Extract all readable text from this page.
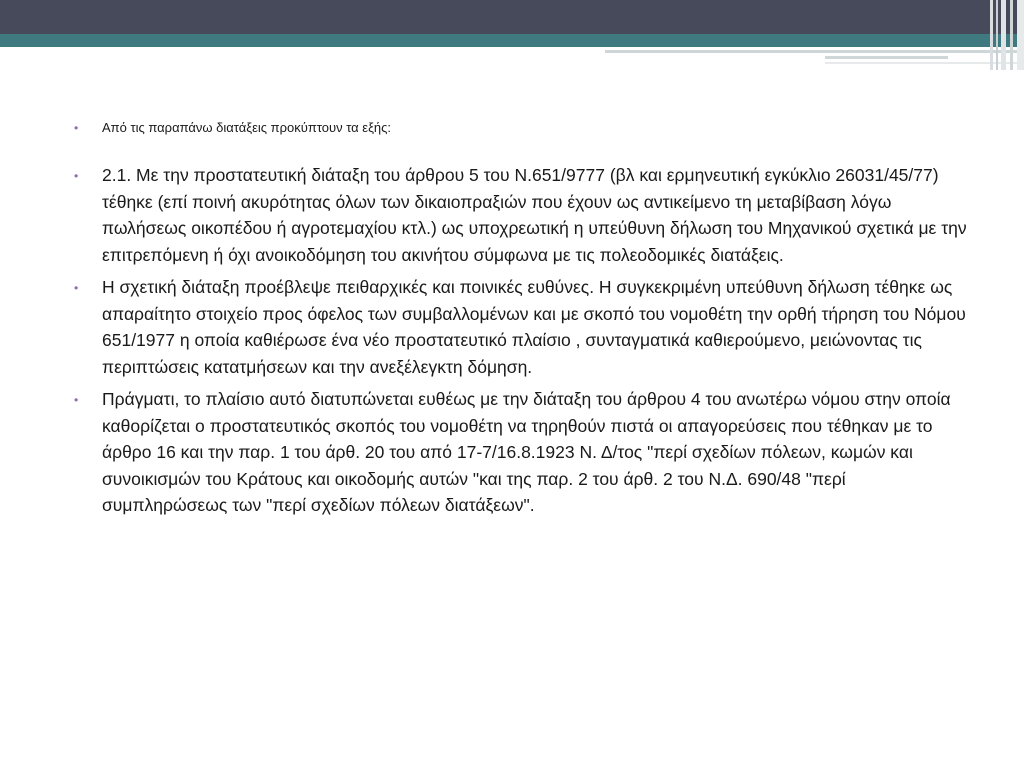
• Από τις παραπάνω διατάξεις προκύπτουν τα εξής:
• 2.1. Με την προστατευτική διάταξη του άρθρου 5 του Ν.651/9777 (βλ και ερμηνευτική εγκύκλιο 26031/45/77) τέθηκε (επί ποινή ακυρότητας όλων των δικαιοπραξιών που έχουν ως αντικείμενο τη μεταβίβαση λόγω πωλήσεως οικοπέδου ή αγροτεμαχίου κτλ.) ως υποχρεωτική η υπεύθυνη δήλωση του Μηχανικού σχετικά με την επιτρεπόμενη ή όχι ανοικοδόμηση του ακινήτου σύμφωνα με τις πολεοδομικές διατάξεις.
• Η σχετική διάταξη προέβλεψε πειθαρχικές και ποινικές ευθύνες. Η συγκεκριμένη υπεύθυνη δήλωση τέθηκε ως απαραίτητο στοιχείο προς όφελος των συμβαλλομένων και με σκοπό του νομοθέτη την ορθή τήρηση του Νόμου 651/1977 η οποία καθιέρωσε ένα νέο προστατευτικό πλαίσιο , συνταγματικά καθιερούμενο, μειώνοντας τις περιπτώσεις κατατμήσεων και την ανεξέλεγκτη δόμηση.
• Πράγματι, το πλαίσιο αυτό διατυπώνεται ευθέως με την διάταξη του άρθρου 4 του ανωτέρω νόμου στην οποία καθορίζεται ο προστατευτικός σκοπός του νομοθέτη να τηρηθούν πιστά οι απαγορεύσεις που τέθηκαν με το άρθρο 16 και την παρ. 1 του άρθ. 20 του από 17-7/16.8.1923 Ν. Δ/τος "περί σχεδίων πόλεων, κωμών και συνοικισμών του Κράτους και οικοδομής αυτών "και της παρ. 2 του άρθ. 2 του Ν.Δ. 690/48 "περί συμπληρώσεως των "περί σχεδίων πόλεων διατάξεων".
